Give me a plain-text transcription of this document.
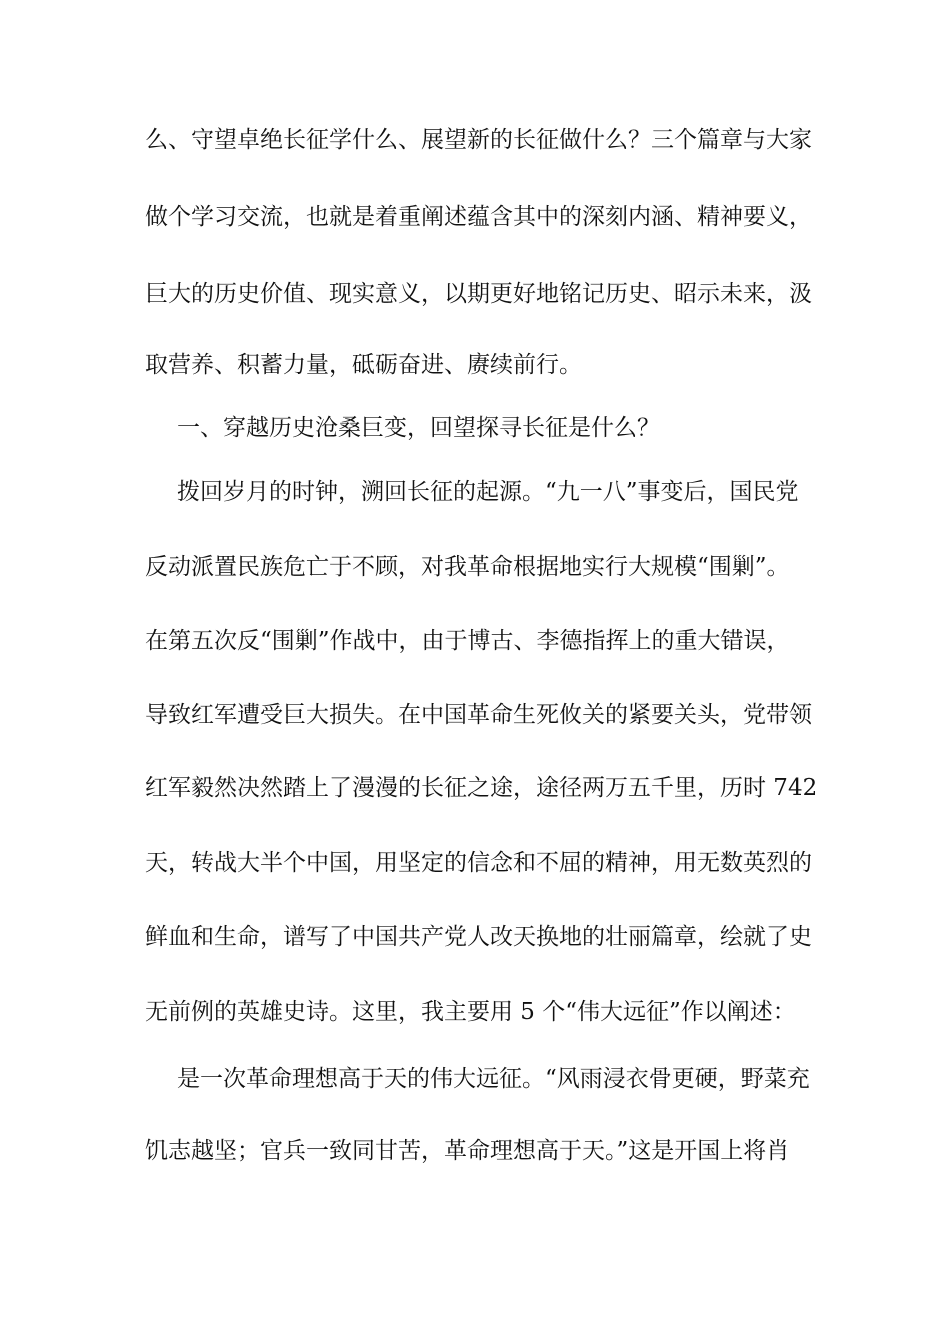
么、守望卓绝长征学什么、展望新的长征做什么？三个篇章与大家
做个学习交流，也就是着重阐述蕴含其中的深刻内涵、精神要义，
巨大的历史价值、现实意义，以期更好地铭记历史、昭示未来，汲
取营养、积蓄力量，砥砺奋进、赓续前行。
一、穿越历史沧桑巨变，回望探寻长征是什么？
拨回岁月的时钟，溯回长征的起源。“九一八”事变后，国民党
反动派置民族危亡于不顾，对我革命根据地实行大规模“围剿”。
在第五次反“围剿”作战中，由于博古、李德指挥上的重大错误，
导致红军遭受巨大损失。在中国革命生死攸关的紧要关头，党带领
红军毅然决然踏上了漫漫的长征之途，途径两万五千里，历时 742
天，转战大半个中国，用坚定的信念和不屈的精神，用无数英烈的
鲜血和生命，谱写了中国共产党人改天换地的壮丽篇章，绘就了史
无前例的英雄史诗。这里，我主要用 5 个“伟大远征”作以阐述：
是一次革命理想高于天的伟大远征。“风雨浸衣骨更硬，野菜充
饥志越坚；官兵一致同甘苦，革命理想高于天。”这是开国上将肖
